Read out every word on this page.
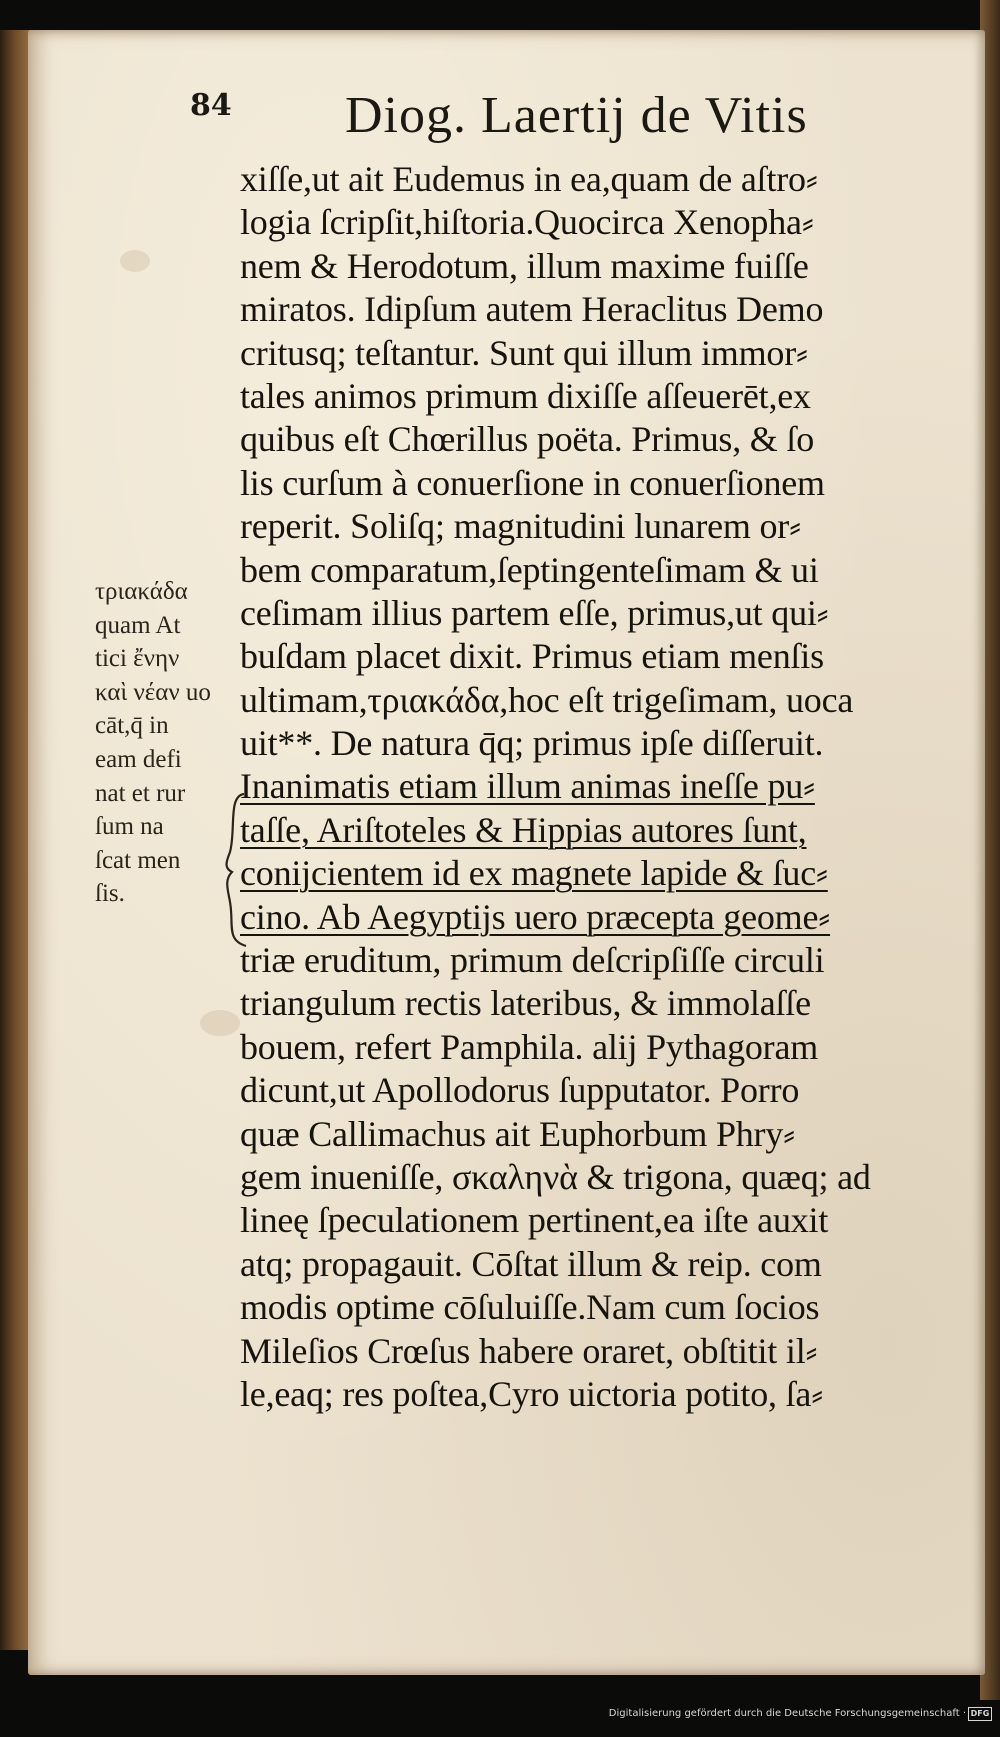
84 Diog. Laertij de Vitis
τριακάδα
quam At
tici ἔνην
καὶ νέαν uo
cāt,q̄ in
eam defi
nat et rur
ſum na
ſcat men
ſis.
xiſſe,ut ait Eudemus in ea,quam de aſtro⸗
logia ſcripſit,hiſtoria.Quocirca Xenopha⸗
nem & Herodotum, illum maxime fuiſſe
miratos. Idipſum autem Heraclitus Demo
critusq; teſtantur. Sunt qui illum immor⸗
tales animos primum dixiſſe aſſeuerēt,ex
quibus eſt Chœrillus poëta. Primus, & ſo
lis curſum à conuerſione in conuerſionem
reperit. Soliſq; magnitudini lunarem or⸗
bem comparatum,ſeptingenteſimam & ui
ceſimam illius partem eſſe, primus,ut qui⸗
buſdam placet dixit. Primus etiam menſis
ultimam,τριακάδα,hoc eſt trigeſimam, uoca
uit**. De natura q̄q; primus ipſe diſſeruit.
Inanimatis etiam illum animas ineſſe pu⸗
taſſe, Ariſtoteles & Hippias autores ſunt,
conijcientem id ex magnete lapide & ſuc⸗
cino. Ab Aegyptijs uero præcepta geome⸗
triæ eruditum, primum deſcripſiſſe circuli
triangulum rectis lateribus, & immolaſſe
bouem, refert Pamphila. alij Pythagoram
dicunt,ut Apollodorus ſupputator. Porro
quæ Callimachus ait Euphorbum Phry⸗
gem inueniſſe, σκαληνὰ & trigona, quæq; ad
lineę ſpeculationem pertinent,ea iſte auxit
atq; propagauit. Cōſtat illum & reip. com
modis optime cōſuluiſſe.Nam cum ſocios
Mileſios Crœſus habere oraret, obſtitit il⸗
le,eaq; res poſtea,Cyro uictoria potito, ſa⸗
Digitalisierung gefördert durch die Deutsche Forschungsgemeinschaft · DFG
